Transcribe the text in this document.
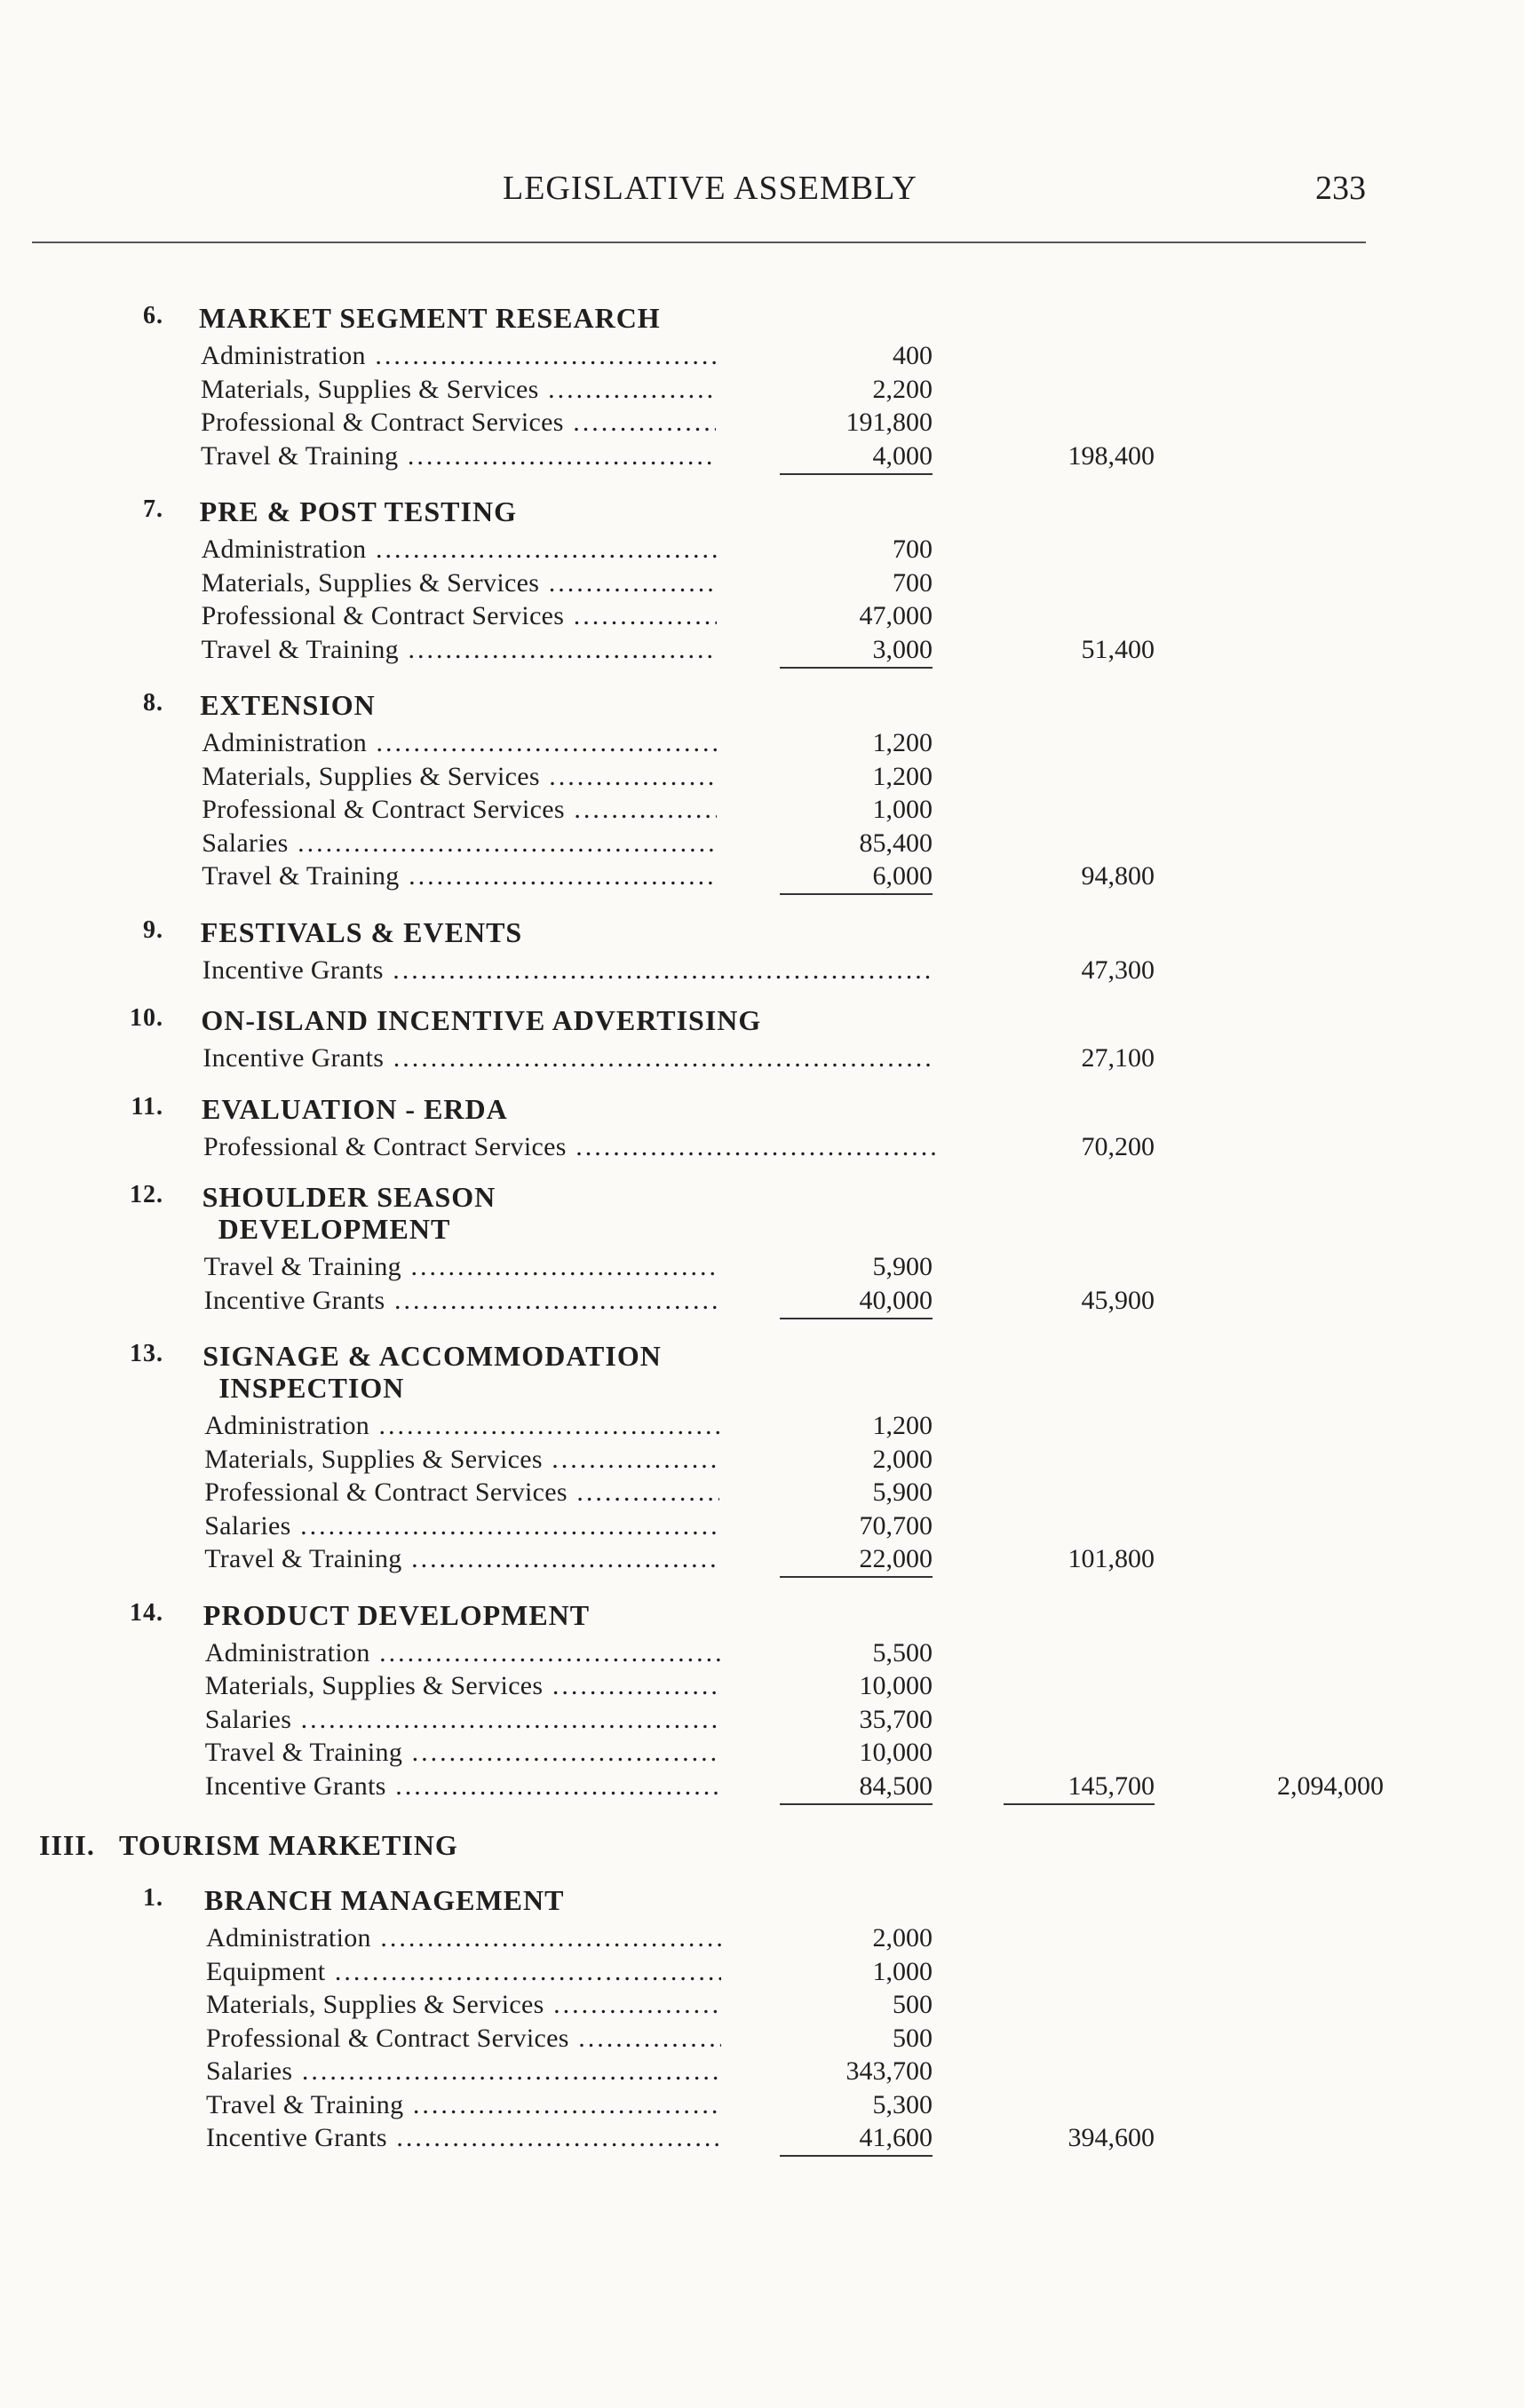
LEGISLATIVE ASSEMBLY	233
6. MARKET SEGMENT RESEARCH
Administration .....	400
Materials, Supplies & Services .....	2,200
Professional & Contract Services .....	191,800
Travel & Training .....	4,000	198,400
7. PRE & POST TESTING
Administration .....	700
Materials, Supplies & Services .....	700
Professional & Contract Services .....	47,000
Travel & Training .....	3,000	51,400
8. EXTENSION
Administration .....	1,200
Materials, Supplies & Services .....	1,200
Professional & Contract Services .....	1,000
Salaries .....	85,400
Travel & Training .....	6,000	94,800
9. FESTIVALS & EVENTS
Incentive Grants .....	47,300
10. ON-ISLAND INCENTIVE ADVERTISING
Incentive Grants .....	27,100
11. EVALUATION - ERDA
Professional & Contract Services .....	70,200
12. SHOULDER SEASON
DEVELOPMENT
Travel & Training .....	5,900
Incentive Grants .....	40,000	45,900
13. SIGNAGE & ACCOMMODATION
INSPECTION
Administration .....	1,200
Materials, Supplies & Services .....	2,000
Professional & Contract Services .....	5,900
Salaries .....	70,700
Travel & Training .....	22,000	101,800
14. PRODUCT DEVELOPMENT
Administration .....	5,500
Materials, Supplies & Services .....	10,000
Salaries .....	35,700
Travel & Training .....	10,000
Incentive Grants .....	84,500	145,700	2,094,000
IIII. TOURISM MARKETING
1. BRANCH MANAGEMENT
Administration .....	2,000
Equipment .....	1,000
Materials, Supplies & Services .....	500
Professional & Contract Services .....	500
Salaries .....	343,700
Travel & Training .....	5,300
Incentive Grants .....	41,600	394,600
